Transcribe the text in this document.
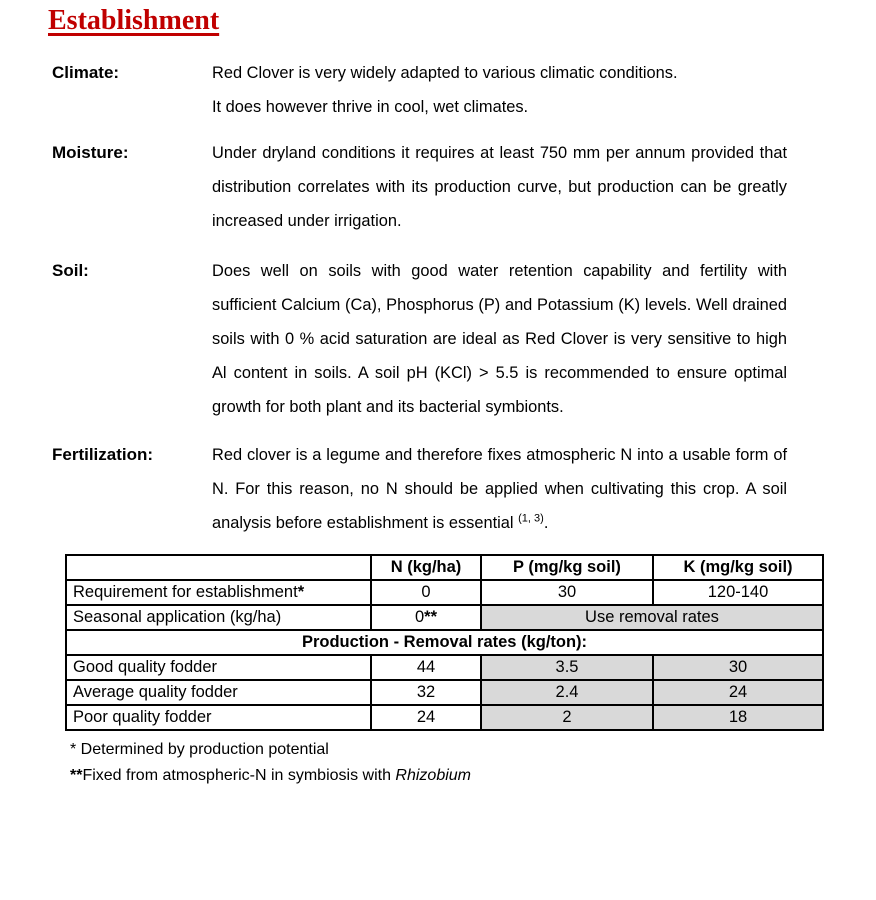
Establishment
Climate:	Red Clover is very widely adapted to various climatic conditions.
It does however thrive in cool, wet climates.
Moisture:	Under dryland conditions it requires at least 750 mm per annum provided that distribution correlates with its production curve, but production can be greatly increased under irrigation.
Soil:	Does well on soils with good water retention capability and fertility with sufficient Calcium (Ca), Phosphorus (P) and Potassium (K) levels. Well drained soils with 0 % acid saturation are ideal as Red Clover is very sensitive to high Al content in soils. A soil pH (KCl) > 5.5 is recommended to ensure optimal growth for both plant and its bacterial symbionts.
Fertilization:	Red clover is a legume and therefore fixes atmospheric N into a usable form of N. For this reason, no N should be applied when cultivating this crop. A soil analysis before establishment is essential $^{(1, 3)}$.
	N (kg/ha)	P (mg/kg soil)	K (mg/kg soil)
Requirement for establishment*	0	30	120-140
Seasonal application (kg/ha)	0**	Use removal rates	
Production - Removal rates (kg/ton):			
Good quality fodder	44	3.5	30
Average quality fodder	32	2.4	24
Poor quality fodder	24	2	18
* Determined by production potential
**Fixed from atmospheric-N in symbiosis with Rhizobium
